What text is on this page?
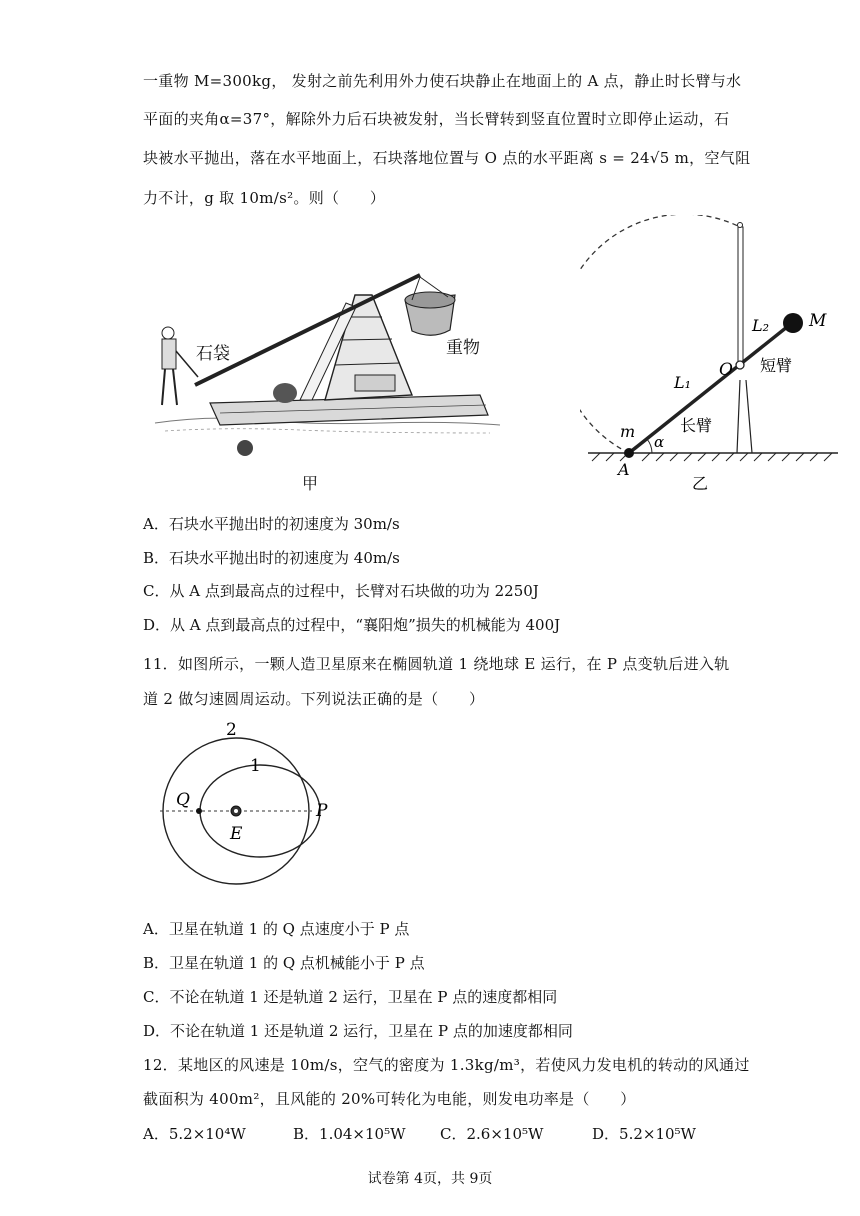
一重物 M=300kg， 发射之前先利用外力使石块静止在地面上的 A 点，静止时长臂与水
平面的夹角α=37°，解除外力后石块被发射，当长臂转到竖直位置时立即停止运动，石
块被水平抛出，落在水平地面上，石块落地位置与 O 点的水平距离 s = 24√5 m，空气阻
力不计，g 取 10m/s²。则（　　）
石袋	重物
甲
M
L₂
O 短臂
L₁
长臂
m
α
A
乙
A．石块水平抛出时的初速度为 30m/s
B．石块水平抛出时的初速度为 40m/s
C．从 A 点到最高点的过程中，长臂对石块做的功为 2250J
D．从 A 点到最高点的过程中，“襄阳炮”损失的机械能为 400J
11．如图所示，一颗人造卫星原来在椭圆轨道 1 绕地球 E 运行，在 P 点变轨后进入轨
道 2 做匀速圆周运动。下列说法正确的是（　　）
2
1
Q
P
E
A．卫星在轨道 1 的 Q 点速度小于 P 点
B．卫星在轨道 1 的 Q 点机械能小于 P 点
C．不论在轨道 1 还是轨道 2 运行，卫星在 P 点的速度都相同
D．不论在轨道 1 还是轨道 2 运行，卫星在 P 点的加速度都相同
12．某地区的风速是 10m/s，空气的密度为 1.3kg/m³，若使风力发电机的转动的风通过
截面积为 400m²，且风能的 20%可转化为电能，则发电功率是（　　）
A．5.2×10⁴W	B．1.04×10⁵W C．2.6×10⁵W	D．5.2×10⁵W
试卷第 4页，共 9页
